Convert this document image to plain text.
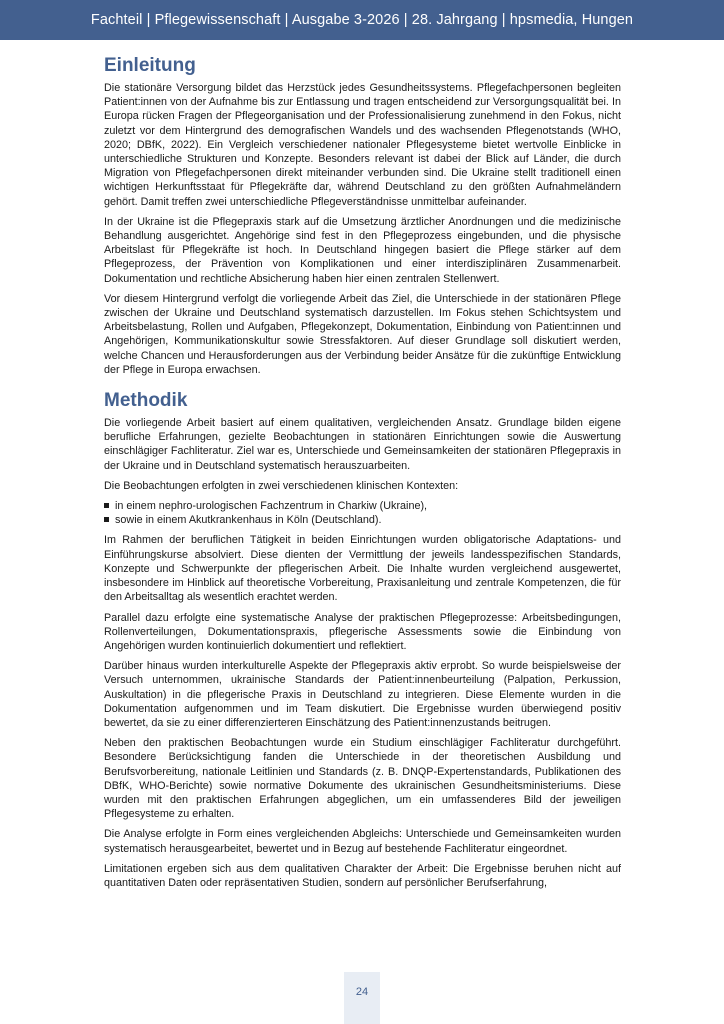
Fachteil | Pflegewissenschaft | Ausgabe 3-2026 | 28. Jahrgang | hpsmedia, Hungen
Einleitung

Die stationäre Versorgung bildet das Herzstück jedes Gesundheitssystems. Pflegefachpersonen begleiten Patient:innen von der Aufnahme bis zur Entlassung und tragen entscheidend zur Versorgungsqualität bei. In Europa rücken Fragen der Pflegeorganisation und der Professionalisierung zunehmend in den Fokus, nicht zuletzt vor dem Hintergrund des demografischen Wandels und des wachsenden Pflegenotstands (WHO, 2020; DBfK, 2022). Ein Vergleich verschiedener nationaler Pflegesysteme bietet wertvolle Einblicke in unterschiedliche Strukturen und Konzepte. Besonders relevant ist dabei der Blick auf Länder, die durch Migration von Pflegefachpersonen direkt miteinander verbunden sind. Die Ukraine stellt traditionell einen wichtigen Herkunftsstaat für Pflegekräfte dar, während Deutschland zu den größten Aufnahmeländern gehört. Damit treffen zwei unterschiedliche Pflegeverständnisse unmittelbar aufeinander.

In der Ukraine ist die Pflegepraxis stark auf die Umsetzung ärztlicher Anordnungen und die medizinische Behandlung ausgerichtet. Angehörige sind fest in den Pflegeprozess eingebunden, und die physische Arbeitslast für Pflegekräfte ist hoch. In Deutschland hingegen basiert die Pflege stärker auf dem Pflegeprozess, der Prävention von Komplikationen und einer interdisziplinären Zusammenarbeit. Dokumentation und rechtliche Absicherung haben hier einen zentralen Stellenwert.

Vor diesem Hintergrund verfolgt die vorliegende Arbeit das Ziel, die Unterschiede in der stationären Pflege zwischen der Ukraine und Deutschland systematisch darzustellen. Im Fokus stehen Schichtsystem und Arbeitsbelastung, Rollen und Aufgaben, Pflegekonzept, Dokumentation, Einbindung von Patient:innen und Angehörigen, Kommunikationskultur sowie Stressfaktoren. Auf dieser Grundlage soll diskutiert werden, welche Chancen und Herausforderungen aus der Verbindung beider Ansätze für die zukünftige Entwicklung der Pflege in Europa erwachsen.

Methodik

Die vorliegende Arbeit basiert auf einem qualitativen, vergleichenden Ansatz. Grundlage bilden eigene berufliche Erfahrungen, gezielte Beobachtungen in stationären Einrichtungen sowie die Auswertung einschlägiger Fachliteratur. Ziel war es, Unterschiede und Gemeinsamkeiten der stationären Pflegepraxis in der Ukraine und in Deutschland systematisch herauszuarbeiten.

Die Beobachtungen erfolgten in zwei verschiedenen klinischen Kontexten:

in einem nephro-urologischen Fachzentrum in Charkiw (Ukraine),
sowie in einem Akutkrankenhaus in Köln (Deutschland).

Im Rahmen der beruflichen Tätigkeit in beiden Einrichtungen wurden obligatorische Adaptations- und Einführungskurse absolviert. Diese dienten der Vermittlung der jeweils landesspezifischen Standards, Konzepte und Schwerpunkte der pflegerischen Arbeit. Die Inhalte wurden vergleichend ausgewertet, insbesondere im Hinblick auf theoretische Vorbereitung, Praxisanleitung und zentrale Kompetenzen, die für den Arbeitsalltag als wesentlich erachtet werden.

Parallel dazu erfolgte eine systematische Analyse der praktischen Pflegeprozesse: Arbeitsbedingungen, Rollenverteilungen, Dokumentationspraxis, pflegerische Assessments sowie die Einbindung von Angehörigen wurden kontinuierlich dokumentiert und reflektiert.

Darüber hinaus wurden interkulturelle Aspekte der Pflegepraxis aktiv erprobt. So wurde beispielsweise der Versuch unternommen, ukrainische Standards der Patient:innenbeurteilung (Palpation, Perkussion, Auskultation) in die pflegerische Praxis in Deutschland zu integrieren. Diese Elemente wurden in die Dokumentation aufgenommen und im Team diskutiert. Die Ergebnisse wurden überwiegend positiv bewertet, da sie zu einer differenzierteren Einschätzung des Patient:innenzustands beitrugen.

Neben den praktischen Beobachtungen wurde ein Studium einschlägiger Fachliteratur durchgeführt. Besondere Berücksichtigung fanden die Unterschiede in der theoretischen Ausbildung und Berufsvorbereitung, nationale Leitlinien und Standards (z. B. DNQP-Expertenstandards, Publikationen des DBfK, WHO-Berichte) sowie normative Dokumente des ukrainischen Gesundheitsministeriums. Diese wurden mit den praktischen Erfahrungen abgeglichen, um ein umfassenderes Bild der jeweiligen Pflegesysteme zu erhalten.

Die Analyse erfolgte in Form eines vergleichenden Abgleichs: Unterschiede und Gemeinsamkeiten wurden systematisch herausgearbeitet, bewertet und in Bezug auf bestehende Fachliteratur eingeordnet.

Limitationen ergeben sich aus dem qualitativen Charakter der Arbeit: Die Ergebnisse beruhen nicht auf quantitativen Daten oder repräsentativen Studien, sondern auf persönlicher Berufserfahrung,

24
